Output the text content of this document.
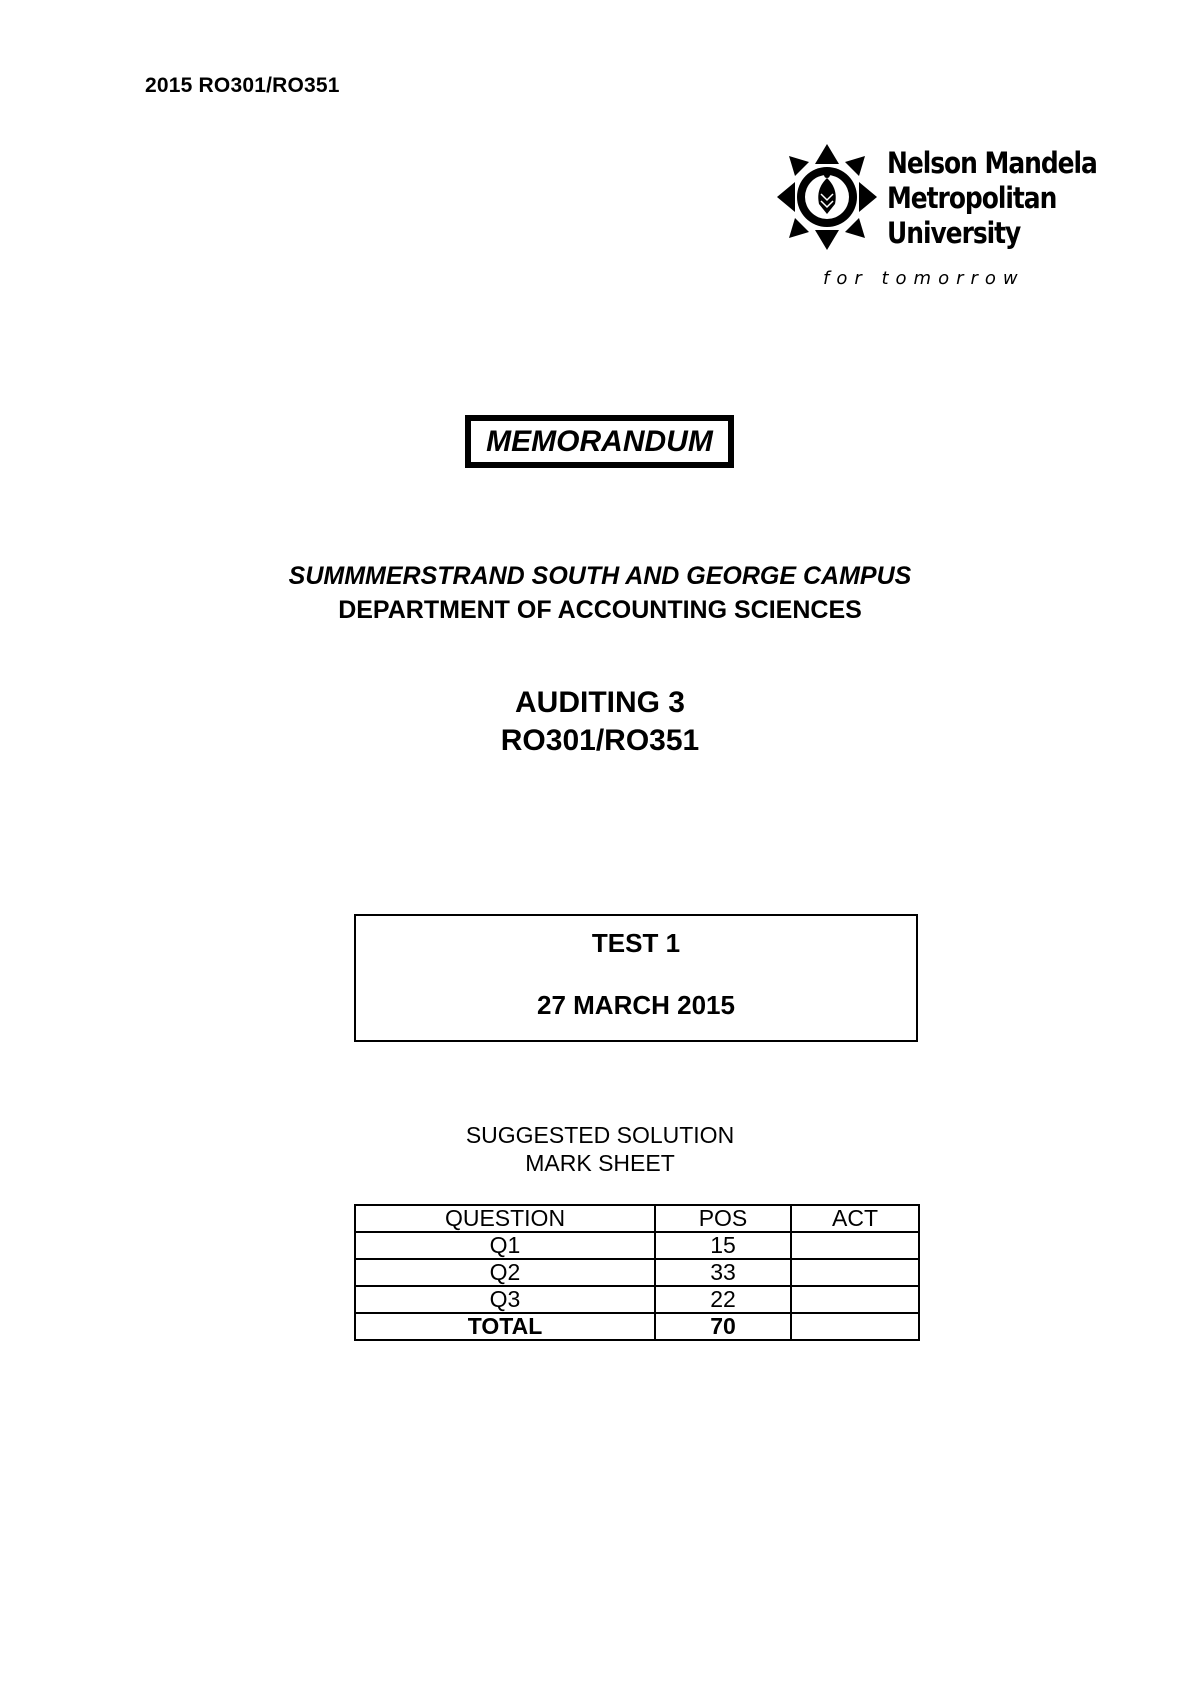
2015 RO301/RO351
Nelson Mandela
Metropolitan
University
for tomorrow
MEMORANDUM
SUMMMERSTRAND SOUTH AND GEORGE CAMPUS
DEPARTMENT OF ACCOUNTING SCIENCES
AUDITING 3
RO301/RO351
TEST 1
27 MARCH 2015
SUGGESTED SOLUTION
MARK SHEET
QUESTION	POS	ACT
Q1	15	
Q2	33	
Q3	22	
TOTAL	70	
